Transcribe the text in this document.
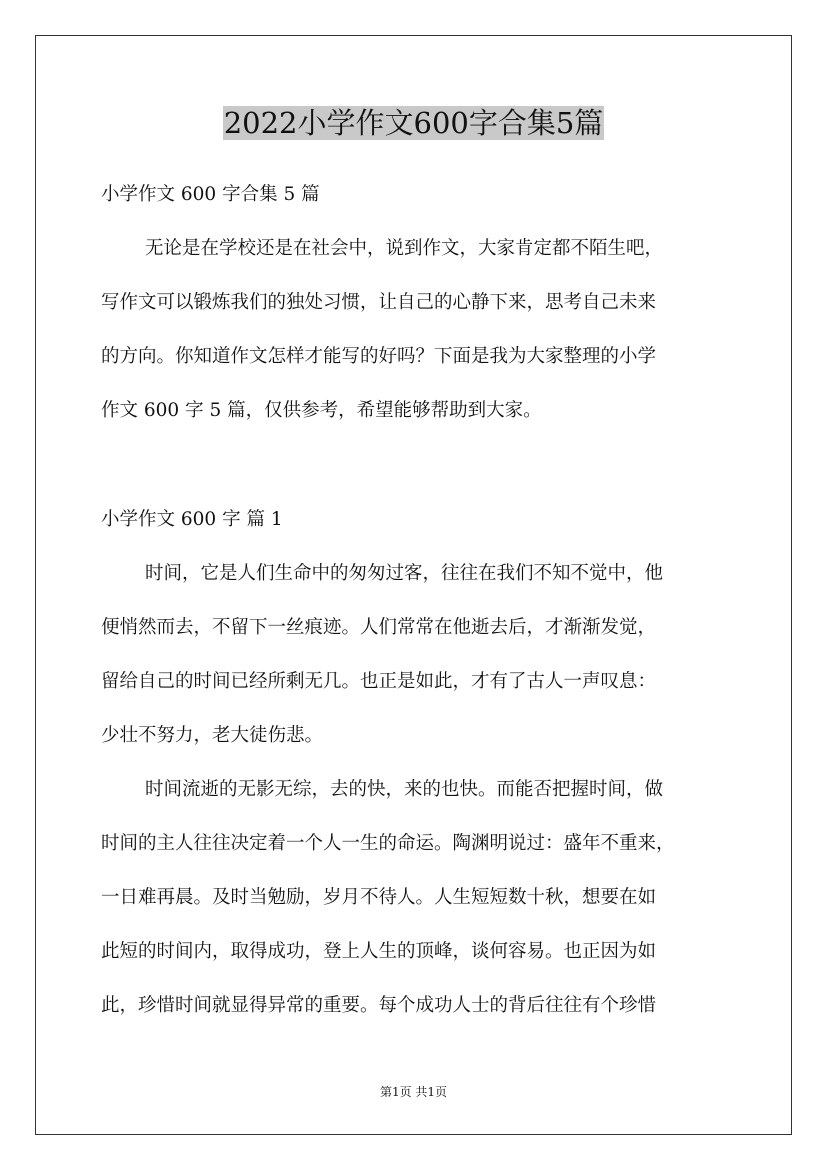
2022小学作文600字合集5篇
小学作文 600 字合集 5 篇
无论是在学校还是在社会中，说到作文，大家肯定都不陌生吧，
写作文可以锻炼我们的独处习惯，让自己的心静下来，思考自己未来
的方向。你知道作文怎样才能写的好吗？下面是我为大家整理的小学
作文 600 字 5 篇，仅供参考，希望能够帮助到大家。
小学作文 600 字 篇 1
时间，它是人们生命中的匆匆过客，往往在我们不知不觉中，他
便悄然而去，不留下一丝痕迹。人们常常在他逝去后，才渐渐发觉，
留给自己的时间已经所剩无几。也正是如此，才有了古人一声叹息：
少壮不努力，老大徒伤悲。
时间流逝的无影无综，去的快，来的也快。而能否把握时间，做
时间的主人往往决定着一个人一生的命运。陶渊明说过：盛年不重来，
一日难再晨。及时当勉励，岁月不待人。人生短短数十秋，想要在如
此短的时间内，取得成功，登上人生的顶峰，谈何容易。也正因为如
此，珍惜时间就显得异常的重要。每个成功人士的背后往往有个珍惜
第1页 共1页
